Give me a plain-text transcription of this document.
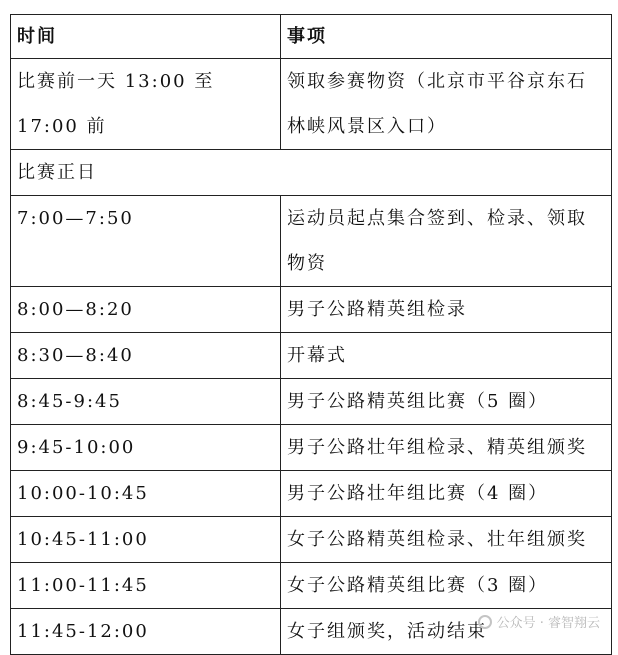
时间	事项
比赛前一天 13:00 至 17:00 前	领取参赛物资（北京市平谷京东石林峡风景区入口）
比赛正日	
7:00—7:50	运动员起点集合签到、检录、领取物资
8:00—8:20	男子公路精英组检录
8:30—8:40	开幕式
8:45-9:45	男子公路精英组比赛（5 圈）
9:45-10:00	男子公路壮年组检录、精英组颁奖
10:00-10:45	男子公路壮年组比赛（4 圈）
10:45-11:00	女子公路精英组检录、壮年组颁奖
11:00-11:45	女子公路精英组比赛（3 圈）
11:45-12:00	女子组颁奖，活动结束 公众号 · 睿智翔云
